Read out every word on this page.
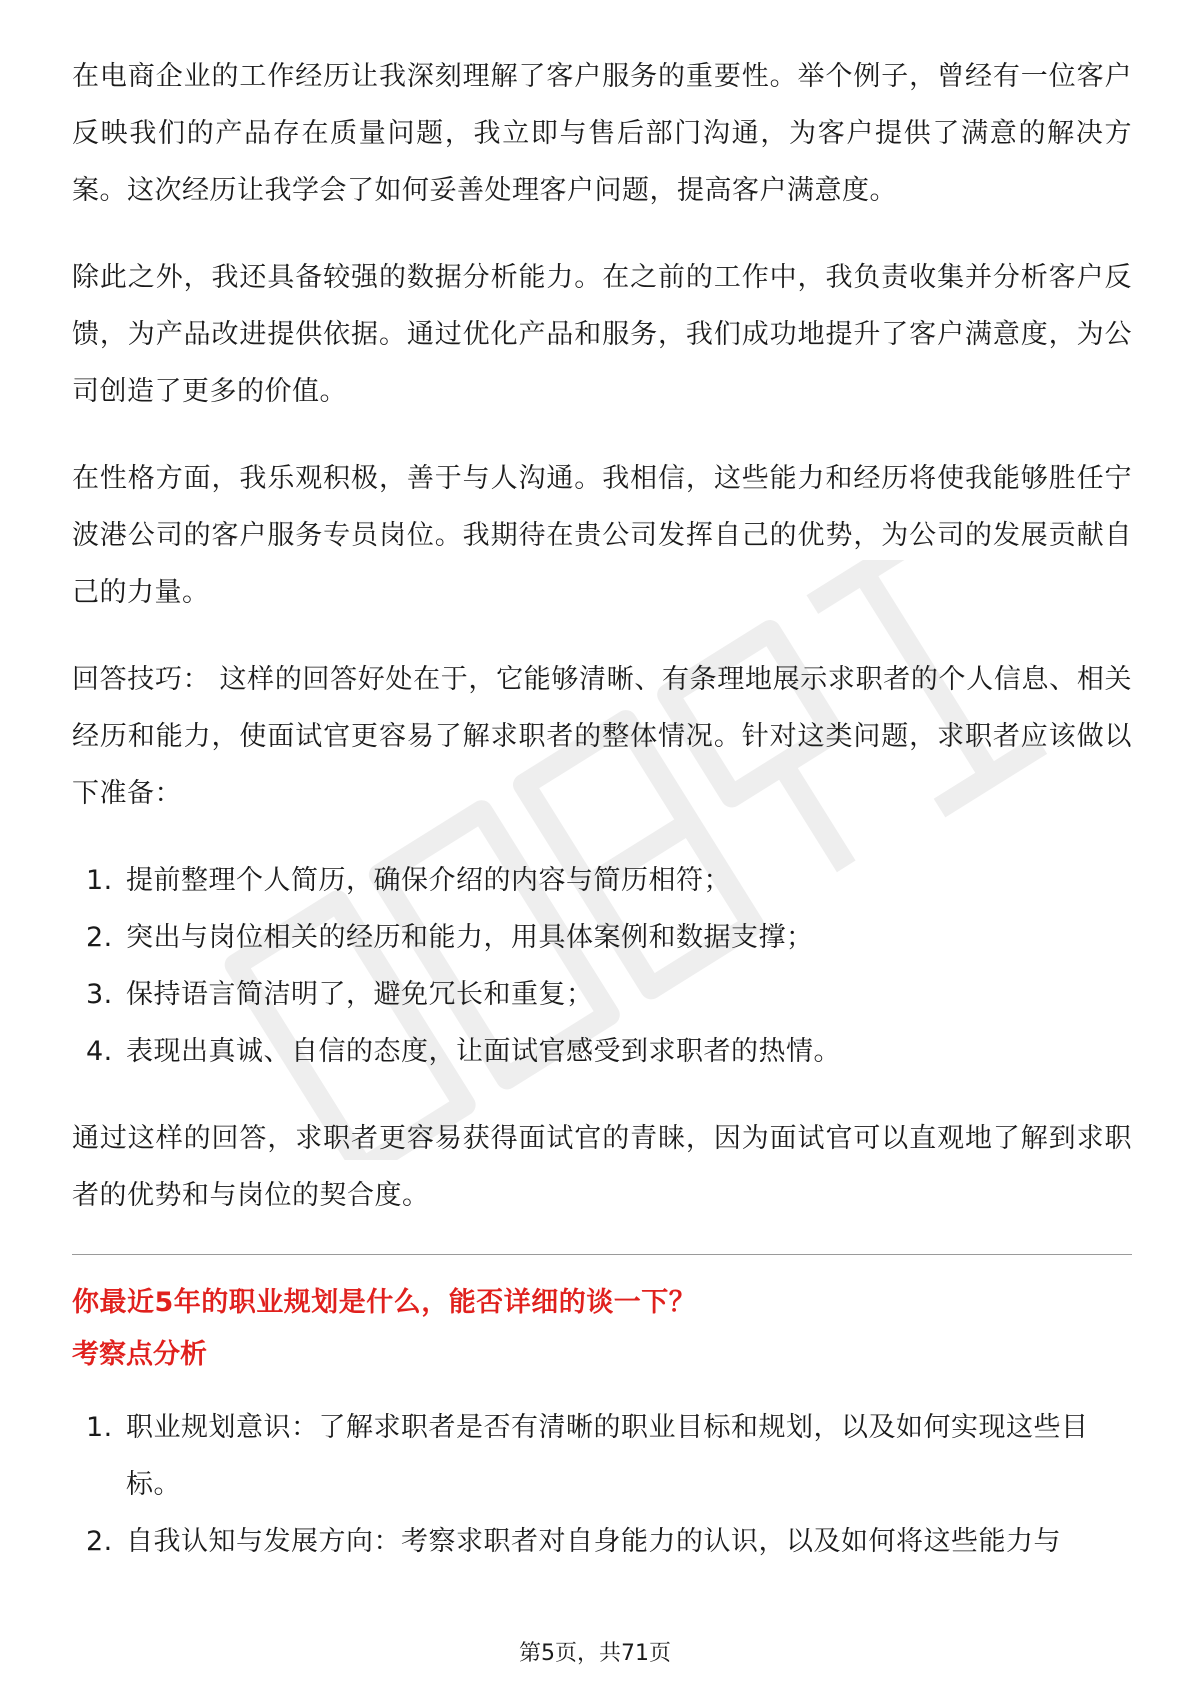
在电商企业的工作经历让我深刻理解了客户服务的重要性。举个例子，曾经有一位客户反映我们的产品存在质量问题，我立即与售后部门沟通，为客户提供了满意的解决方案。这次经历让我学会了如何妥善处理客户问题，提高客户满意度。

除此之外，我还具备较强的数据分析能力。在之前的工作中，我负责收集并分析客户反馈，为产品改进提供依据。通过优化产品和服务，我们成功地提升了客户满意度，为公司创造了更多的价值。

在性格方面，我乐观积极，善于与人沟通。我相信，这些能力和经历将使我能够胜任宁波港公司的客户服务专员岗位。我期待在贵公司发挥自己的优势，为公司的发展贡献自己的力量。

回答技巧： 这样的回答好处在于，它能够清晰、有条理地展示求职者的个人信息、相关经历和能力，使面试官更容易了解求职者的整体情况。针对这类问题，求职者应该做以下准备：

1. 提前整理个人简历，确保介绍的内容与简历相符；
2. 突出与岗位相关的经历和能力，用具体案例和数据支撑；
3. 保持语言简洁明了，避免冗长和重复；
4. 表现出真诚、自信的态度，让面试官感受到求职者的热情。

通过这样的回答，求职者更容易获得面试官的青睐，因为面试官可以直观地了解到求职者的优势和与岗位的契合度。

你最近5年的职业规划是什么，能否详细的谈一下？
考察点分析
1. 职业规划意识：了解求职者是否有清晰的职业目标和规划，以及如何实现这些目标。
2. 自我认知与发展方向：考察求职者对自身能力的认识，以及如何将这些能力与
第5页，共71页
